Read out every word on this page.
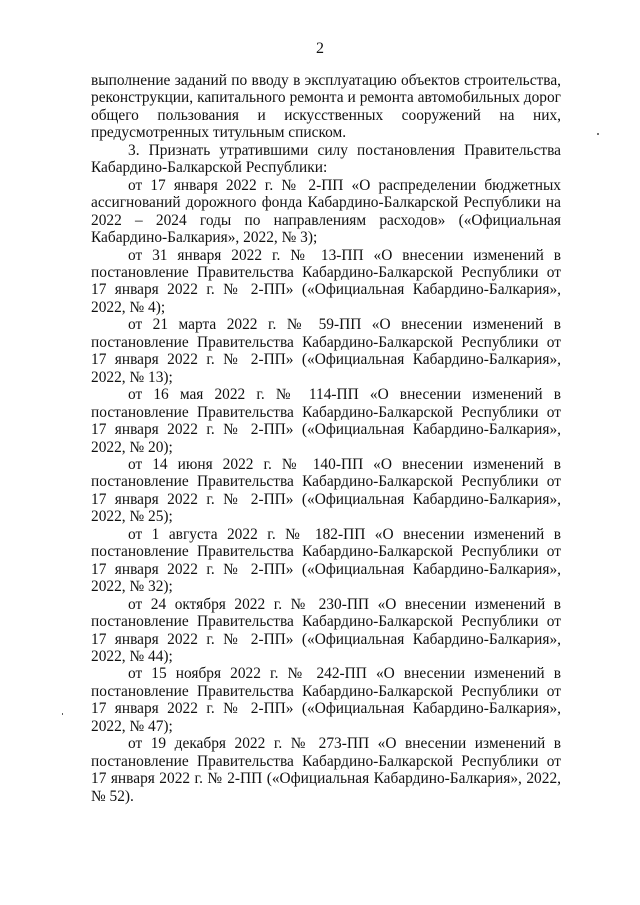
2

выполнение заданий по вводу в эксплуатацию объектов строительства, реконструкции, капитального ремонта и ремонта автомобильных дорог общего пользования и искусственных сооружений на них, предусмотренных титульным списком.

3. Признать утратившими силу постановления Правительства Кабардино-Балкарской Республики:

от 17 января 2022 г. № 2-ПП «О распределении бюджетных ассигнований дорожного фонда Кабардино-Балкарской Республики на 2022 – 2024 годы по направлениям расходов» («Официальная Кабардино-Балкария», 2022, № 3);

от 31 января 2022 г. № 13-ПП «О внесении изменений в постановление Правительства Кабардино-Балкарской Республики от 17 января 2022 г. № 2-ПП» («Официальная Кабардино-Балкария», 2022, № 4);

от 21 марта 2022 г. № 59-ПП «О внесении изменений в постановление Правительства Кабардино-Балкарской Республики от 17 января 2022 г. № 2-ПП» («Официальная Кабардино-Балкария», 2022, № 13);

от 16 мая 2022 г. № 114-ПП «О внесении изменений в постановление Правительства Кабардино-Балкарской Республики от 17 января 2022 г. № 2-ПП» («Официальная Кабардино-Балкария», 2022, № 20);

от 14 июня 2022 г. № 140-ПП «О внесении изменений в постановление Правительства Кабардино-Балкарской Республики от 17 января 2022 г. № 2-ПП» («Официальная Кабардино-Балкария», 2022, № 25);

от 1 августа 2022 г. № 182-ПП «О внесении изменений в постановление Правительства Кабардино-Балкарской Республики от 17 января 2022 г. № 2-ПП» («Официальная Кабардино-Балкария», 2022, № 32);

от 24 октября 2022 г. № 230-ПП «О внесении изменений в постановление Правительства Кабардино-Балкарской Республики от 17 января 2022 г. № 2-ПП» («Официальная Кабардино-Балкария», 2022, № 44);

от 15 ноября 2022 г. № 242-ПП «О внесении изменений в постановление Правительства Кабардино-Балкарской Республики от 17 января 2022 г. № 2-ПП» («Официальная Кабардино-Балкария», 2022, № 47);

от 19 декабря 2022 г. № 273-ПП «О внесении изменений в постановление Правительства Кабардино-Балкарской Республики от 17 января 2022 г. № 2-ПП («Официальная Кабардино-Балкария», 2022, № 52).
